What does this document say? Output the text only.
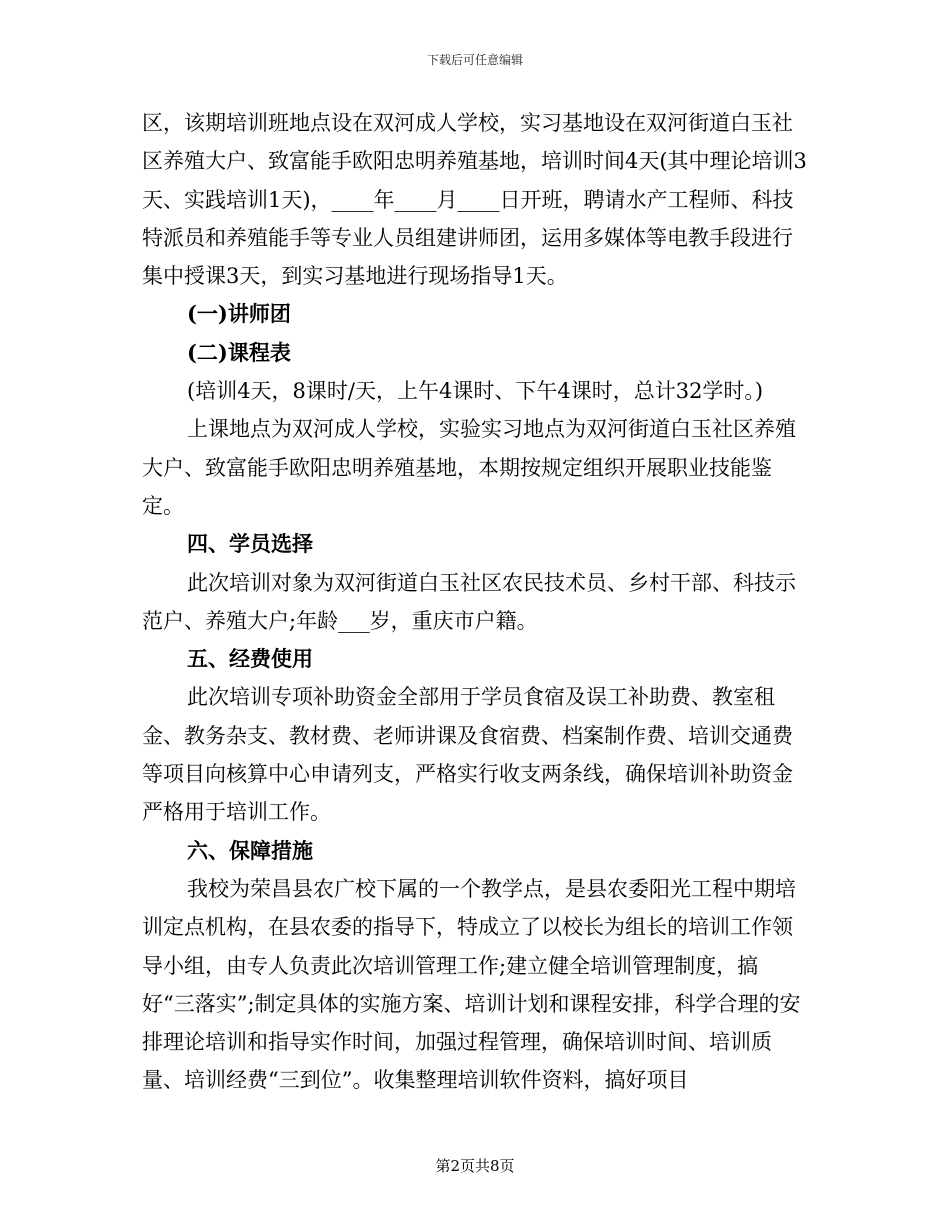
下载后可任意编辑

区，该期培训班地点设在双河成人学校，实习基地设在双河街道白玉社区养殖大户、致富能手欧阳忠明养殖基地，培训时间4天(其中理论培训3天、实践培训1天)，____年____月____日开班，聘请水产工程师、科技特派员和养殖能手等专业人员组建讲师团，运用多媒体等电教手段进行集中授课3天，到实习基地进行现场指导1天。

(一)讲师团

(二)课程表

(培训4天，8课时/天，上午4课时、下午4课时，总计32学时。)

上课地点为双河成人学校，实验实习地点为双河街道白玉社区养殖大户、致富能手欧阳忠明养殖基地，本期按规定组织开展职业技能鉴定。

四、学员选择

此次培训对象为双河街道白玉社区农民技术员、乡村干部、科技示范户、养殖大户;年龄___岁，重庆市户籍。

五、经费使用

此次培训专项补助资金全部用于学员食宿及误工补助费、教室租金、教务杂支、教材费、老师讲课及食宿费、档案制作费、培训交通费等项目向核算中心申请列支，严格实行收支两条线，确保培训补助资金严格用于培训工作。

六、保障措施

我校为荣昌县农广校下属的一个教学点，是县农委阳光工程中期培训定点机构，在县农委的指导下，特成立了以校长为组长的培训工作领导小组，由专人负责此次培训管理工作;建立健全培训管理制度，搞好“三落实”;制定具体的实施方案、培训计划和课程安排，科学合理的安排理论培训和指导实作时间，加强过程管理，确保培训时间、培训质量、培训经费“三到位”。收集整理培训软件资料，搞好项目

第2页共8页
